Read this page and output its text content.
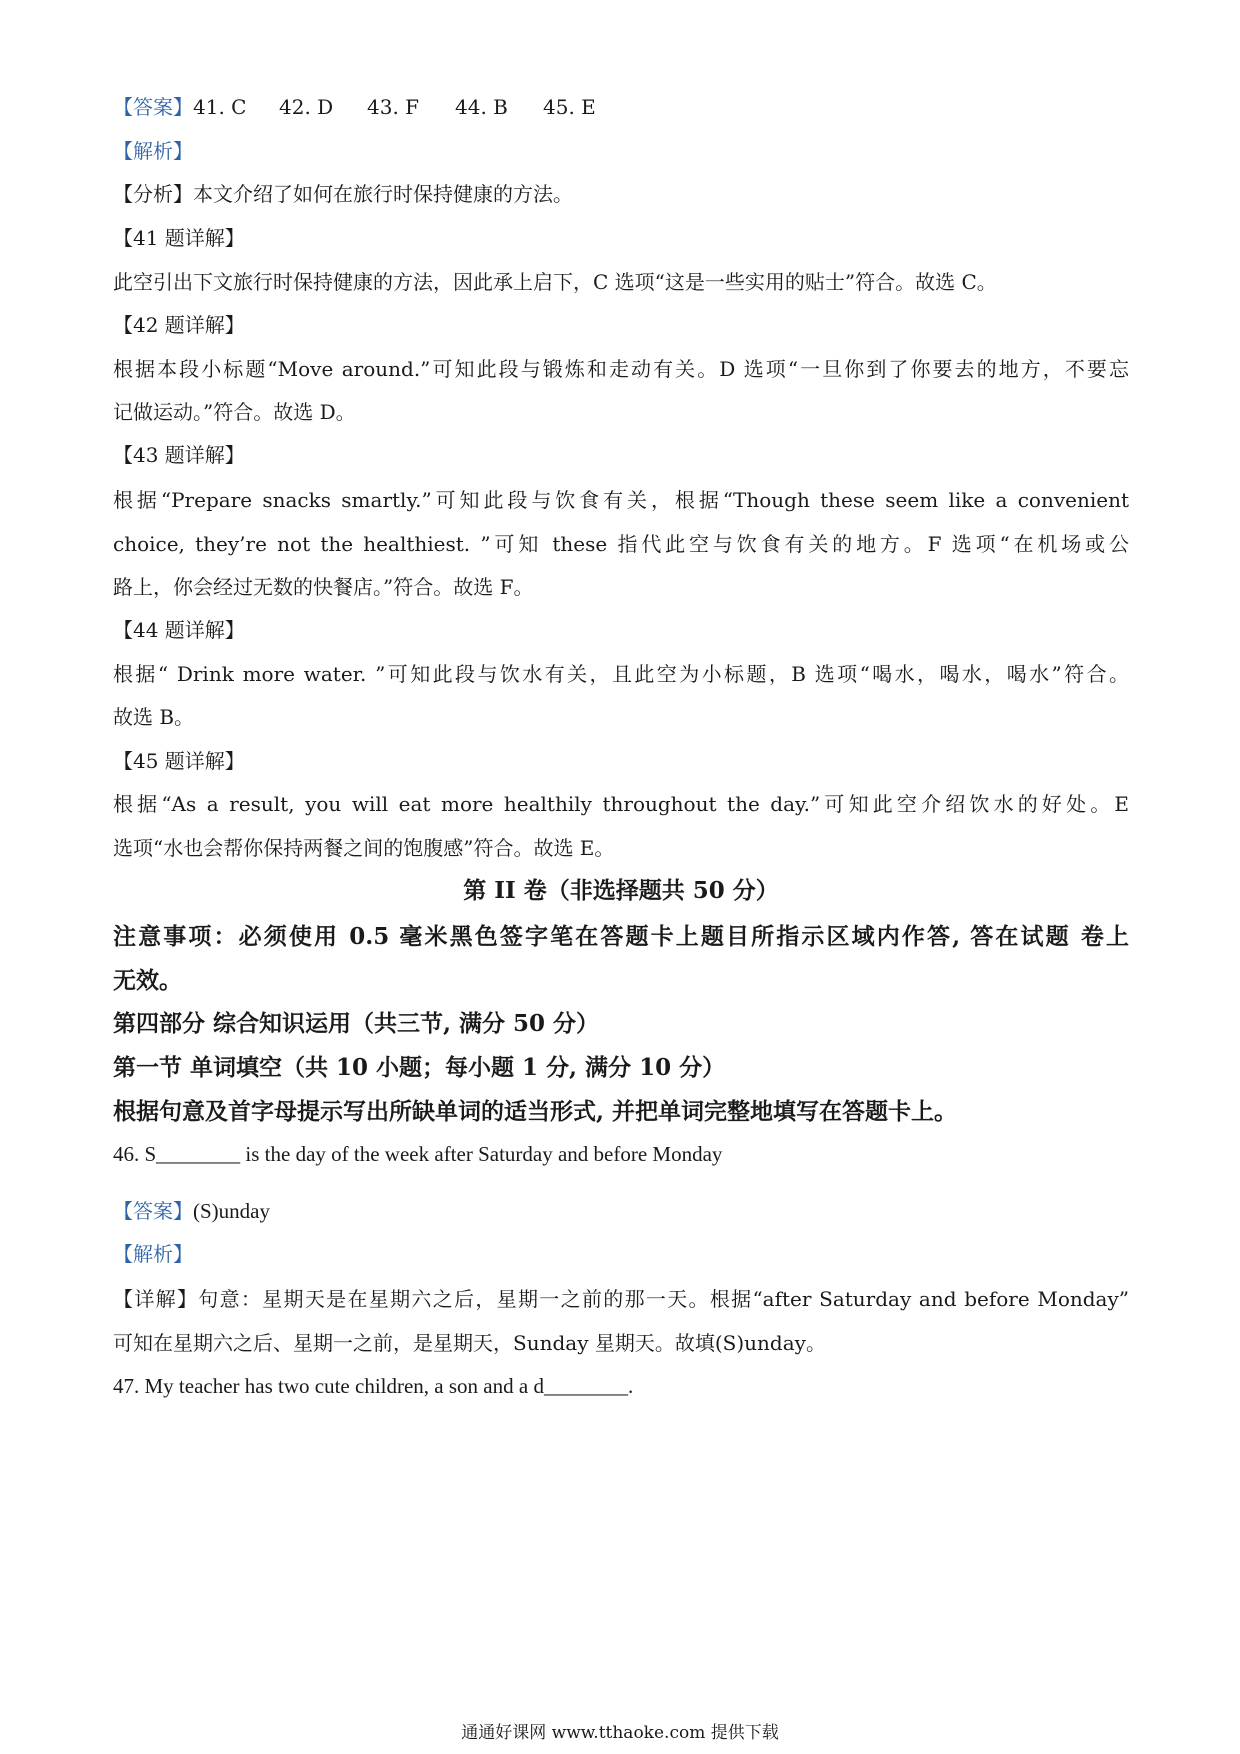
【答案】41. C 42. D 43. F 44. B 45. E
【解析】
【分析】本文介绍了如何在旅行时保持健康的方法。
【41 题详解】
此空引出下文旅行时保持健康的方法，因此承上启下，C 选项“这是一些实用的贴士”符合。故选 C。
【42 题详解】
根据本段小标题“Move around.”可知此段与锻炼和走动有关。D 选项“一旦你到了你要去的地方，不要忘
记做运动。”符合。故选 D。
【43 题详解】
根据“Prepare snacks smartly.”可知此段与饮食有关，根据“Though these seem like a convenient
choice, they’re not the healthiest. ”可知 these 指代此空与饮食有关的地方。F 选项“在机场或公
路上，你会经过无数的快餐店。”符合。故选 F。
【44 题详解】
根据“ Drink more water. ”可知此段与饮水有关，且此空为小标题，B 选项“喝水，喝水，喝水”符合。
故选 B。
【45 题详解】
根据“As a result, you will eat more healthily throughout the day.”可知此空介绍饮水的好处。E
选项“水也会帮你保持两餐之间的饱腹感”符合。故选 E。
第 II 卷（非选择题共 50 分）
注意事项：必须使用 0.5 毫米黑色签字笔在答题卡上题目所指示区域内作答, 答在试题 卷上
无效。
第四部分 综合知识运用（共三节, 满分 50 分）
第一节 单词填空（共 10 小题；每小题 1 分, 满分 10 分）
根据句意及首字母提示写出所缺单词的适当形式, 并把单词完整地填写在答题卡上。
46. S________ is the day of the week after Saturday and before Monday
【答案】(S)unday
【解析】
【详解】句意：星期天是在星期六之后，星期一之前的那一天。根据“after Saturday and before Monday”
可知在星期六之后、星期一之前，是星期天，Sunday 星期天。故填(S)unday。
47. My teacher has two cute children, a son and a d________.
通通好课网 www.tthaoke.com 提供下载
